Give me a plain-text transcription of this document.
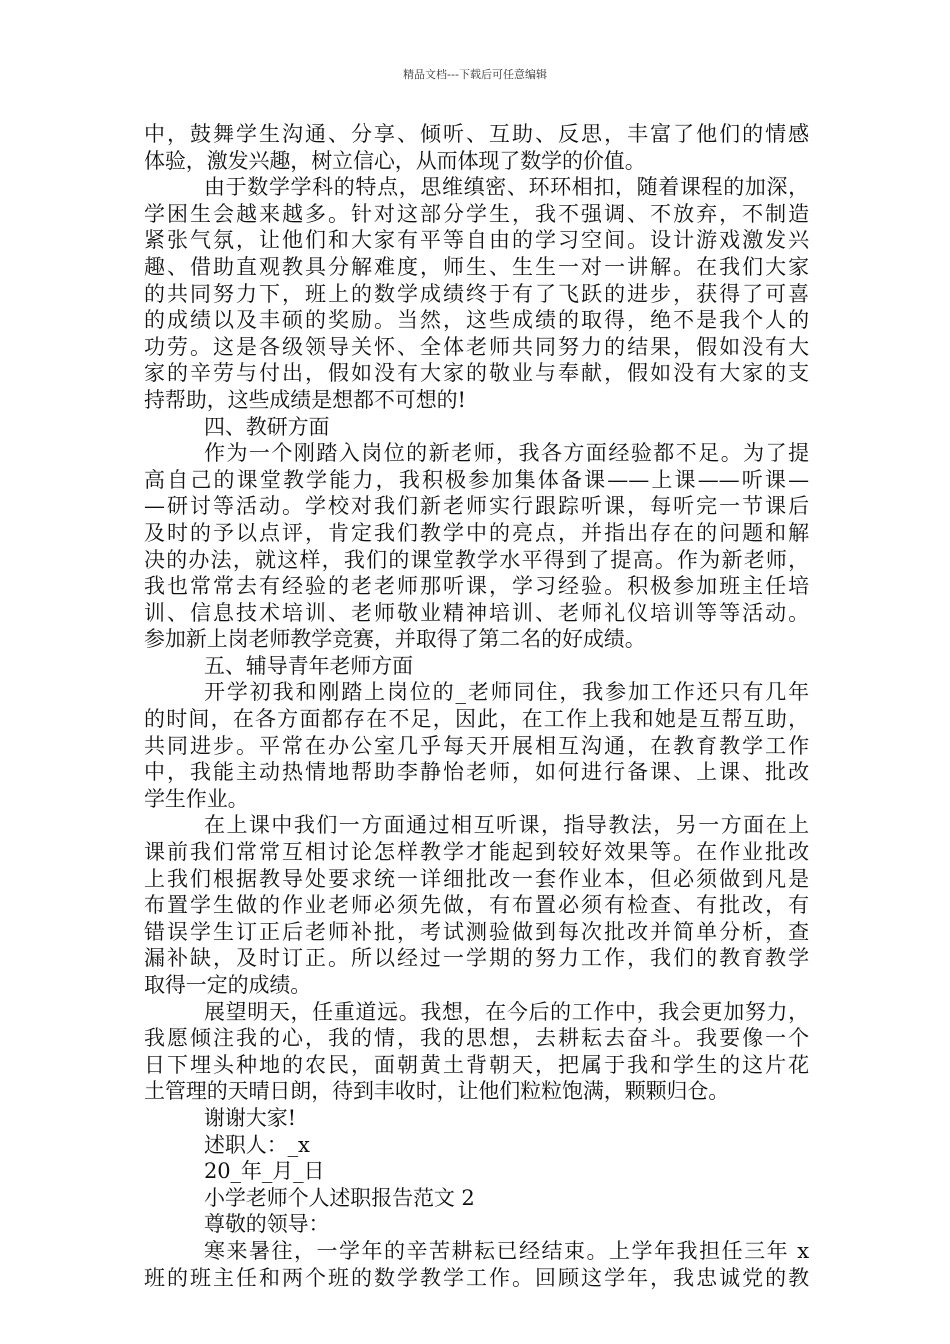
精品文档---下载后可任意编辑
中，鼓舞学生沟通、分享、倾听、互助、反思，丰富了他们的情感
体验，激发兴趣，树立信心，从而体现了数学的价值。
由于数学学科的特点，思维缜密、环环相扣，随着课程的加深，
学困生会越来越多。针对这部分学生，我不强调、不放弃，不制造
紧张气氛，让他们和大家有平等自由的学习空间。设计游戏激发兴
趣、借助直观教具分解难度，师生、生生一对一讲解。在我们大家
的共同努力下，班上的数学成绩终于有了飞跃的进步，获得了可喜
的成绩以及丰硕的奖励。当然，这些成绩的取得，绝不是我个人的
功劳。这是各级领导关怀、全体老师共同努力的结果，假如没有大
家的辛劳与付出，假如没有大家的敬业与奉献，假如没有大家的支
持帮助，这些成绩是想都不可想的!
四、教研方面
作为一个刚踏入岗位的新老师，我各方面经验都不足。为了提
高自己的课堂教学能力，我积极参加集体备课——上课——听课—
—研讨等活动。学校对我们新老师实行跟踪听课，每听完一节课后
及时的予以点评，肯定我们教学中的亮点，并指出存在的问题和解
决的办法，就这样，我们的课堂教学水平得到了提高。作为新老师，
我也常常去有经验的老老师那听课，学习经验。积极参加班主任培
训、信息技术培训、老师敬业精神培训、老师礼仪培训等等活动。
参加新上岗老师教学竞赛，并取得了第二名的好成绩。
五、辅导青年老师方面
开学初我和刚踏上岗位的_老师同住，我参加工作还只有几年
的时间，在各方面都存在不足，因此，在工作上我和她是互帮互助，
共同进步。平常在办公室几乎每天开展相互沟通，在教育教学工作
中，我能主动热情地帮助李静怡老师，如何进行备课、上课、批改
学生作业。
在上课中我们一方面通过相互听课，指导教法，另一方面在上
课前我们常常互相讨论怎样教学才能起到较好效果等。在作业批改
上我们根据教导处要求统一详细批改一套作业本，但必须做到凡是
布置学生做的作业老师必须先做，有布置必须有检查、有批改，有
错误学生订正后老师补批，考试测验做到每次批改并简单分析，查
漏补缺，及时订正。所以经过一学期的努力工作，我们的教育教学
取得一定的成绩。
展望明天，任重道远。我想，在今后的工作中，我会更加努力，
我愿倾注我的心，我的情，我的思想，去耕耘去奋斗。我要像一个
日下埋头种地的农民，面朝黄土背朝天，把属于我和学生的这片花
土管理的天晴日朗，待到丰收时，让他们粒粒饱满，颗颗归仓。
谢谢大家!
述职人：_x
20_年_月_日
小学老师个人述职报告范文 2
尊敬的领导：
寒来暑往，一学年的辛苦耕耘已经结束。上学年我担任三年 x
班的班主任和两个班的数学教学工作。回顾这学年，我忠诚党的教
